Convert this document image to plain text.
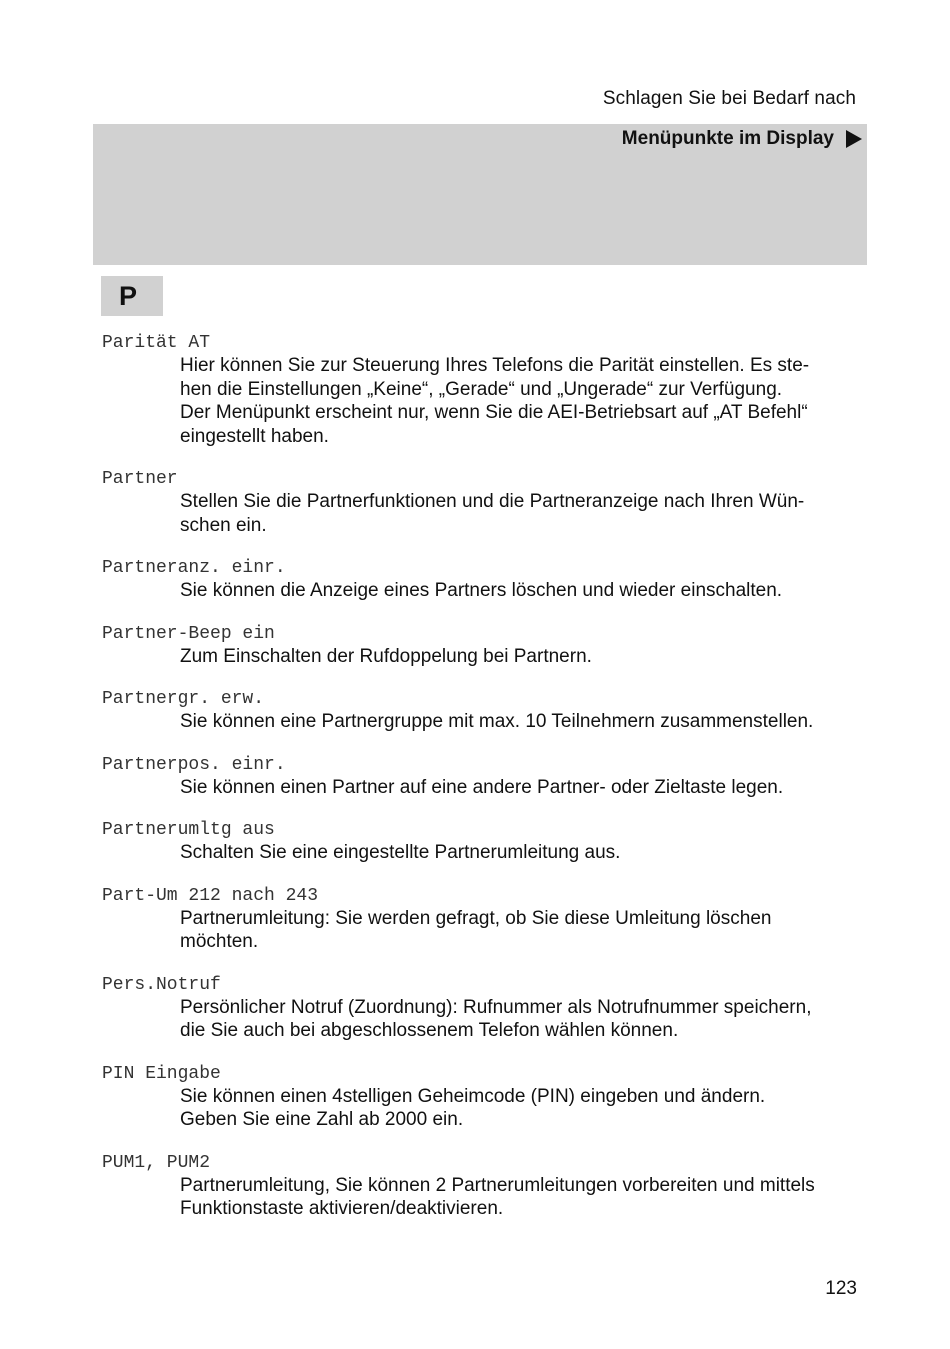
Schlagen Sie bei Bedarf nach
Menüpunkte im Display
P
Parität AT
Hier können Sie zur Steuerung Ihres Telefons die Parität einstellen. Es ste-
hen die Einstellungen „Keine“, „Gerade“ und „Ungerade“ zur Verfügung.
Der Menüpunkt erscheint nur, wenn Sie die AEI-Betriebsart auf „AT Befehl“
eingestellt haben.
Partner
Stellen Sie die Partnerfunktionen und die Partneranzeige nach Ihren Wün-
schen ein.
Partneranz. einr.
Sie können die Anzeige eines Partners löschen und wieder einschalten.
Partner-Beep ein
Zum Einschalten der Rufdoppelung bei Partnern.
Partnergr. erw.
Sie können eine Partnergruppe mit max. 10 Teilnehmern zusammenstellen.
Partnerpos. einr.
Sie können einen Partner auf eine andere Partner- oder Zieltaste legen.
Partnerumltg aus
Schalten Sie eine eingestellte Partnerumleitung aus.
Part-Um 212 nach 243
Partnerumleitung: Sie werden gefragt, ob Sie diese Umleitung löschen
möchten.
Pers.Notruf
Persönlicher Notruf (Zuordnung): Rufnummer als Notrufnummer speichern,
die Sie auch bei abgeschlossenem Telefon wählen können.
PIN Eingabe
Sie können einen 4stelligen Geheimcode (PIN) eingeben und ändern.
Geben Sie eine Zahl ab 2000 ein.
PUM1, PUM2
Partnerumleitung, Sie können 2 Partnerumleitungen vorbereiten und mittels
Funktionstaste aktivieren/deaktivieren.
123
